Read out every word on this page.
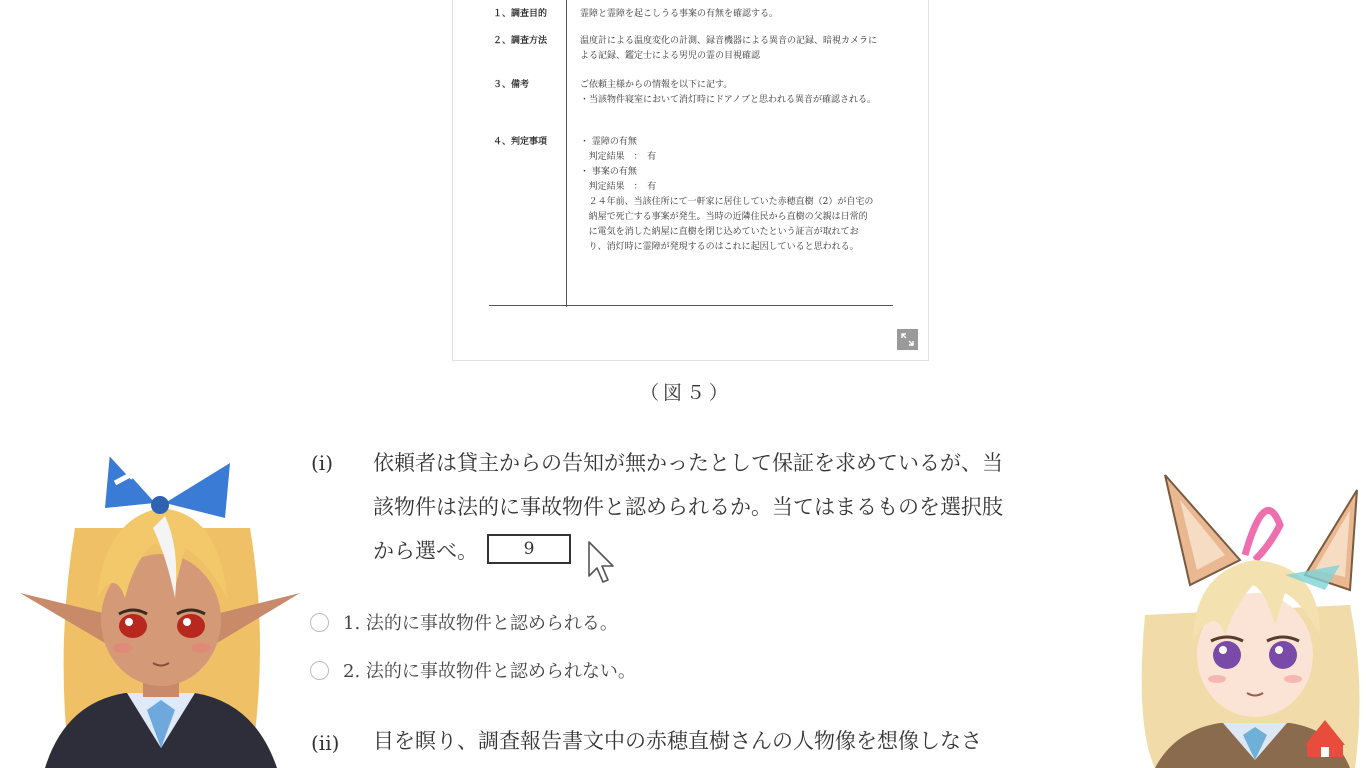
１、調査目的	霊障と霊障を起こしうる事案の有無を確認する。

２、調査方法	温度計による温度変化の計測、録音機器による異音の記録、暗視カメラに

よる記録、鑑定士による男児の霊の目視確認

３、備考	ご依頼主様からの情報を以下に記す。

・当該物件寝室において消灯時にドアノブと思われる異音が確認される。

４、判定事項	・ 霊障の有無

判定結果　：　有

・ 事案の有無

判定結果　：　有

２４年前、当該住所にて一軒家に居住していた赤穂直樹（2）が自宅の

納屋で死亡する事案が発生。当時の近隣住民から直樹の父親は日常的

に電気を消した納屋に直樹を閉じ込めていたという証言が取れてお

り、消灯時に霊障が発現するのはこれに起因していると思われる。

（図５）
(i) 依頼者は貸主からの告知が無かったとして保証を求めているが、当
該物件は法的に事故物件と認められるか。当てはまるものを選択肢
から選べ。	9
1. 法的に事故物件と認められる。
2. 法的に事故物件と認められない。
(ii) 目を瞑り、調査報告書文中の赤穂直樹さんの人物像を想像しなさ
